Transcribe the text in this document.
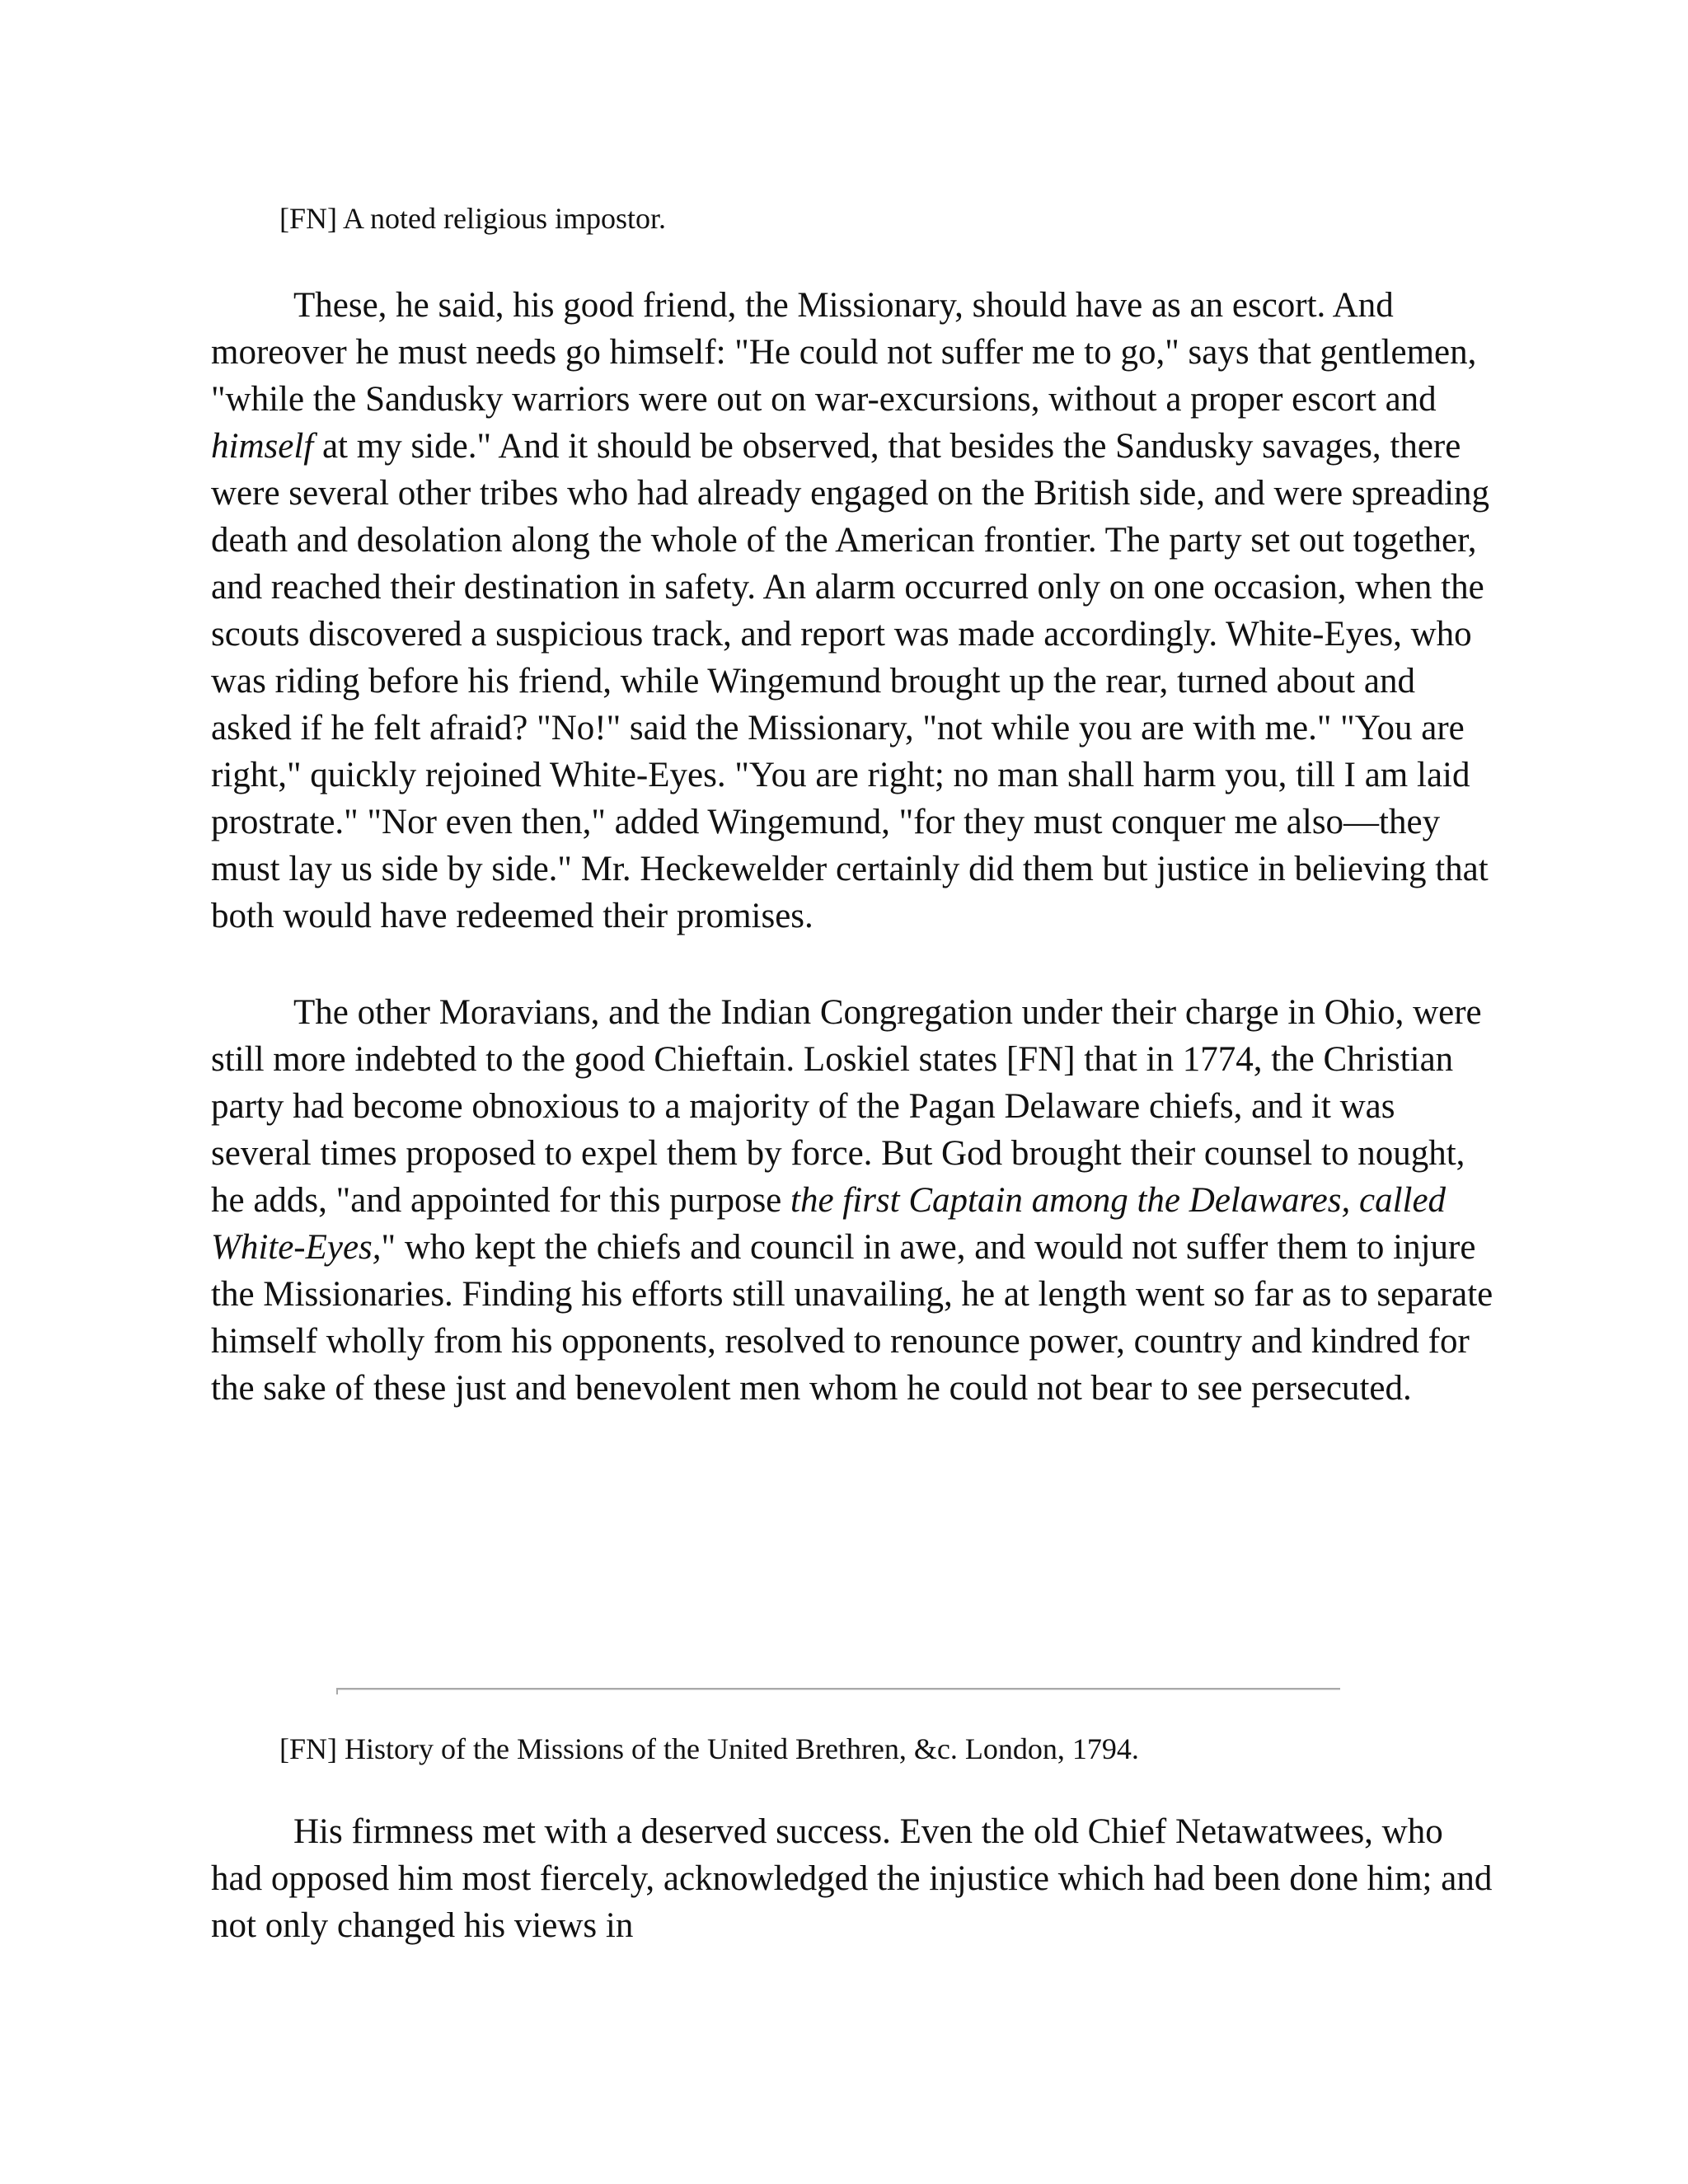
[FN] A noted religious impostor.

These, he said, his good friend, the Missionary, should have as an escort. And moreover he must needs go himself: "He could not suffer me to go," says that gentlemen, "while the Sandusky warriors were out on war-excursions, without a proper escort and himself at my side." And it should be observed, that besides the Sandusky savages, there were several other tribes who had already engaged on the British side, and were spreading death and desolation along the whole of the American frontier. The party set out together, and reached their destination in safety. An alarm occurred only on one occasion, when the scouts discovered a suspicious track, and report was made accordingly. White-Eyes, who was riding before his friend, while Wingemund brought up the rear, turned about and asked if he felt afraid? "No!" said the Missionary, "not while you are with me." "You are right," quickly rejoined White-Eyes. "You are right; no man shall harm you, till I am laid prostrate." "Nor even then," added Wingemund, "for they must conquer me also—they must lay us side by side." Mr. Heckewelder certainly did them but justice in believing that both would have redeemed their promises.

The other Moravians, and the Indian Congregation under their charge in Ohio, were still more indebted to the good Chieftain. Loskiel states [FN] that in 1774, the Christian party had become obnoxious to a majority of the Pagan Delaware chiefs, and it was several times proposed to expel them by force. But God brought their counsel to nought, he adds, "and appointed for this purpose the first Captain among the Delawares, called White-Eyes," who kept the chiefs and council in awe, and would not suffer them to injure the Missionaries. Finding his efforts still unavailing, he at length went so far as to separate himself wholly from his opponents, resolved to renounce power, country and kindred for the sake of these just and benevolent men whom he could not bear to see persecuted.

[FN] History of the Missions of the United Brethren, &c. London, 1794.

His firmness met with a deserved success. Even the old Chief Netawatwees, who had opposed him most fiercely, acknowledged the injustice which had been done him; and not only changed his views in
